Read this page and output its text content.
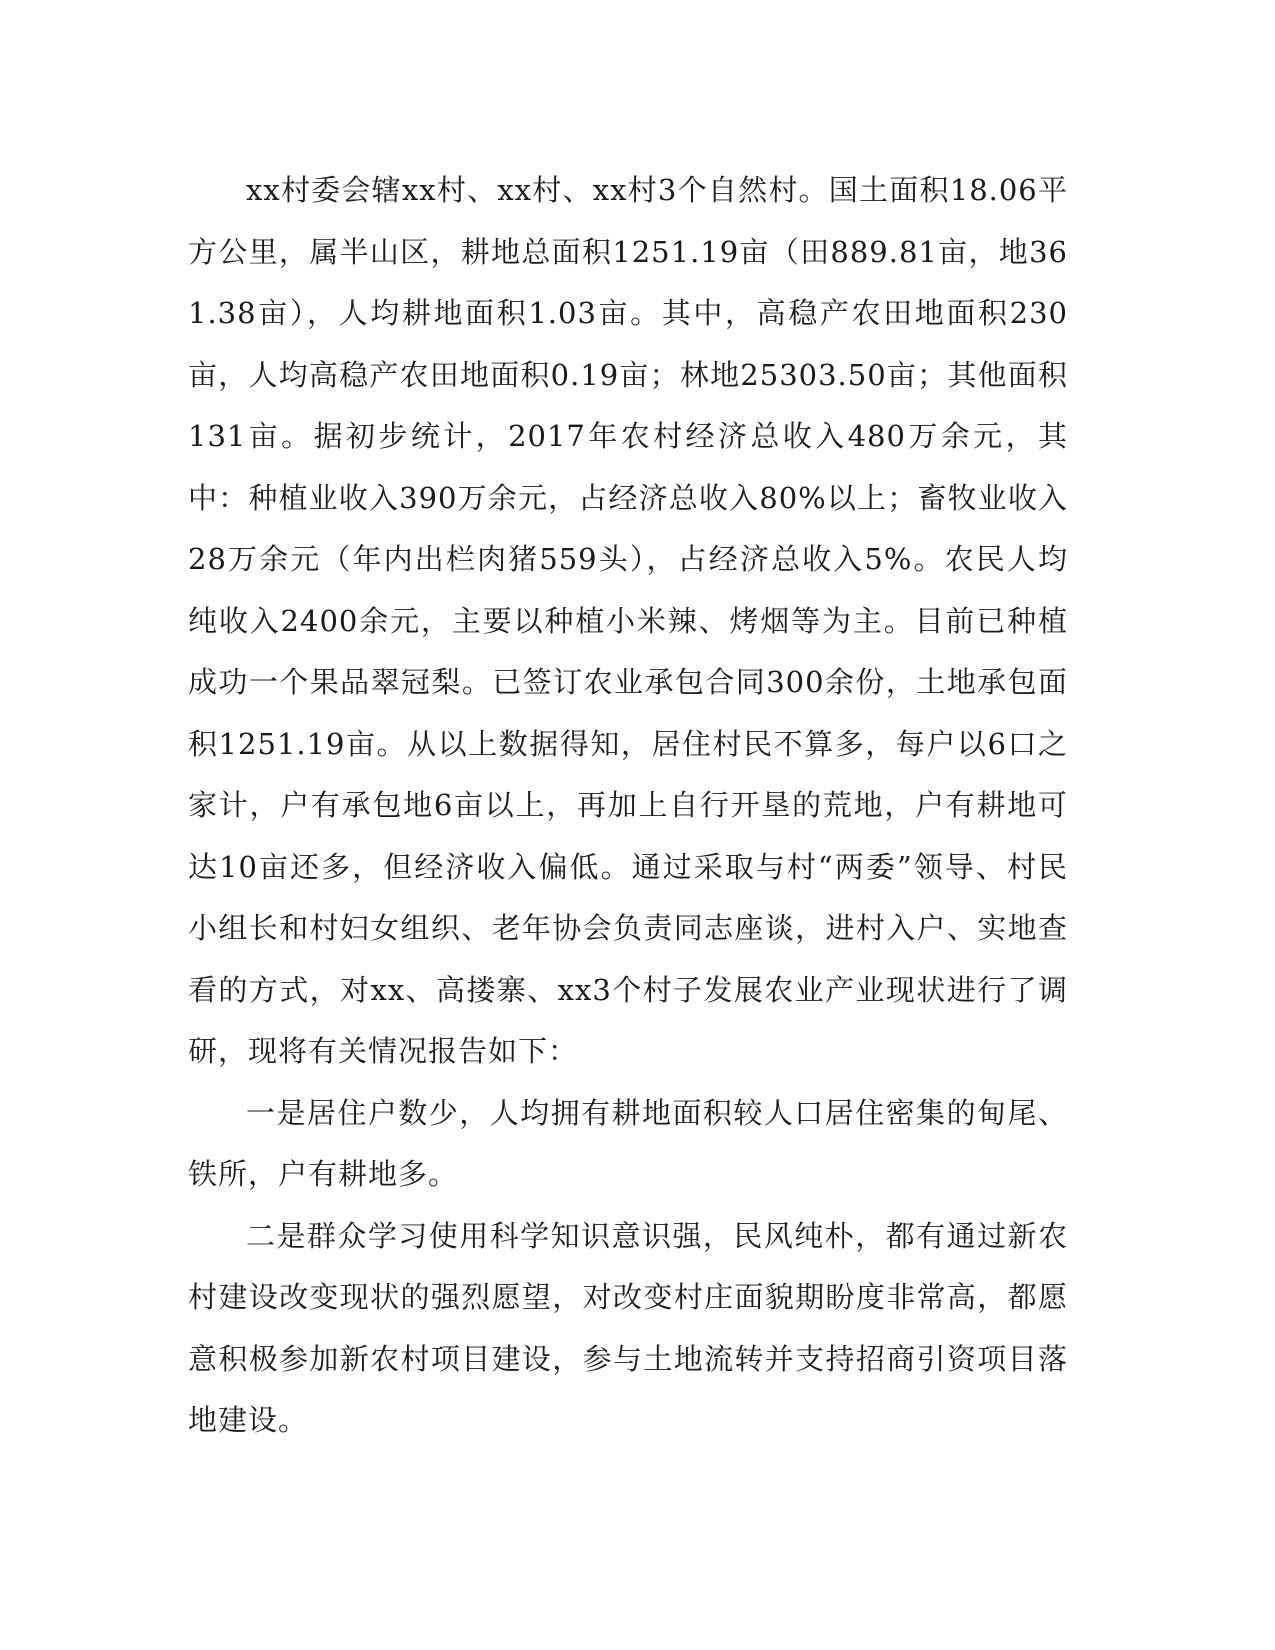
xx村委会辖xx村、xx村、xx村3个自然村。国土面积18.06平方公里，属半山区，耕地总面积1251.19亩（田889.81亩，地361.38亩），人均耕地面积1.03亩。其中，高稳产农田地面积230亩，人均高稳产农田地面积0.19亩；林地25303.50亩；其他面积131亩。据初步统计，2017年农村经济总收入480万余元，其中：种植业收入390万余元，占经济总收入80%以上；畜牧业收入28万余元（年内出栏肉猪559头），占经济总收入5%。农民人均纯收入2400余元，主要以种植小米辣、烤烟等为主。目前已种植成功一个果品翠冠梨。已签订农业承包合同300余份，土地承包面积1251.19亩。从以上数据得知，居住村民不算多，每户以6口之家计，户有承包地6亩以上，再加上自行开垦的荒地，户有耕地可达10亩还多，但经济收入偏低。通过采取与村“两委”领导、村民小组长和村妇女组织、老年协会负责同志座谈，进村入户、实地查看的方式，对xx、高搂寨、xx3个村子发展农业产业现状进行了调研，现将有关情况报告如下：

一是居住户数少，人均拥有耕地面积较人口居住密集的甸尾、铁所，户有耕地多。

二是群众学习使用科学知识意识强，民风纯朴，都有通过新农村建设改变现状的强烈愿望，对改变村庄面貌期盼度非常高，都愿意积极参加新农村项目建设，参与土地流转并支持招商引资项目落地建设。
